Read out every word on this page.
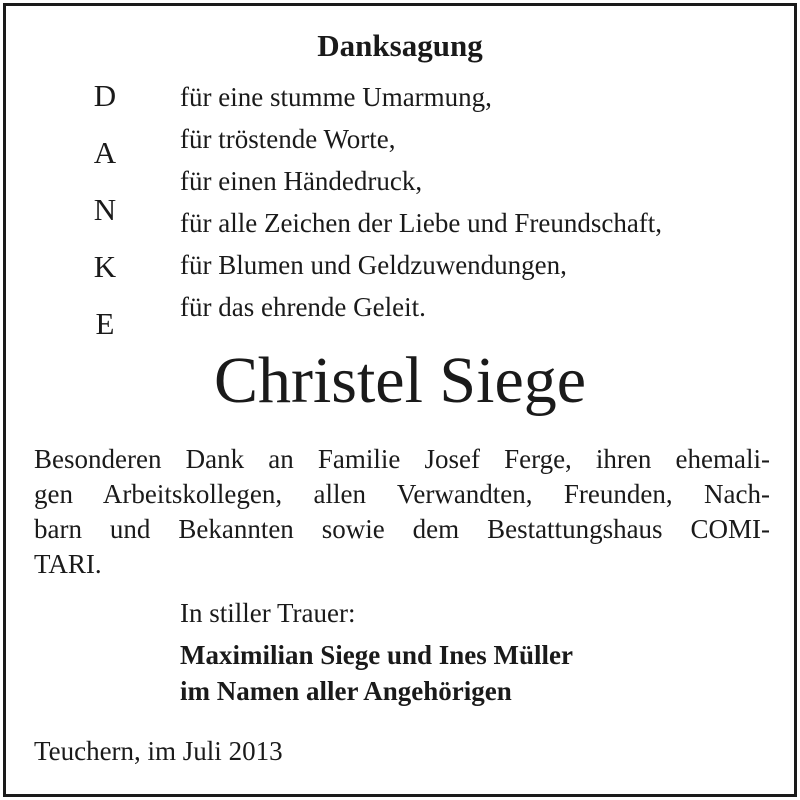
Danksagung
D
A
N
K
E
für eine stumme Umarmung,
für tröstende Worte,
für einen Händedruck,
für alle Zeichen der Liebe und Freundschaft,
für Blumen und Geldzuwendungen,
für das ehrende Geleit.
Christel Siege
Besonderen Dank an Familie Josef Ferge, ihren ehemali-
gen Arbeitskollegen, allen Verwandten, Freunden, Nach-
barn und Bekannten sowie dem Bestattungshaus COMI-
TARI.
In stiller Trauer:
Maximilian Siege und Ines Müller
im Namen aller Angehörigen
Teuchern, im Juli 2013
